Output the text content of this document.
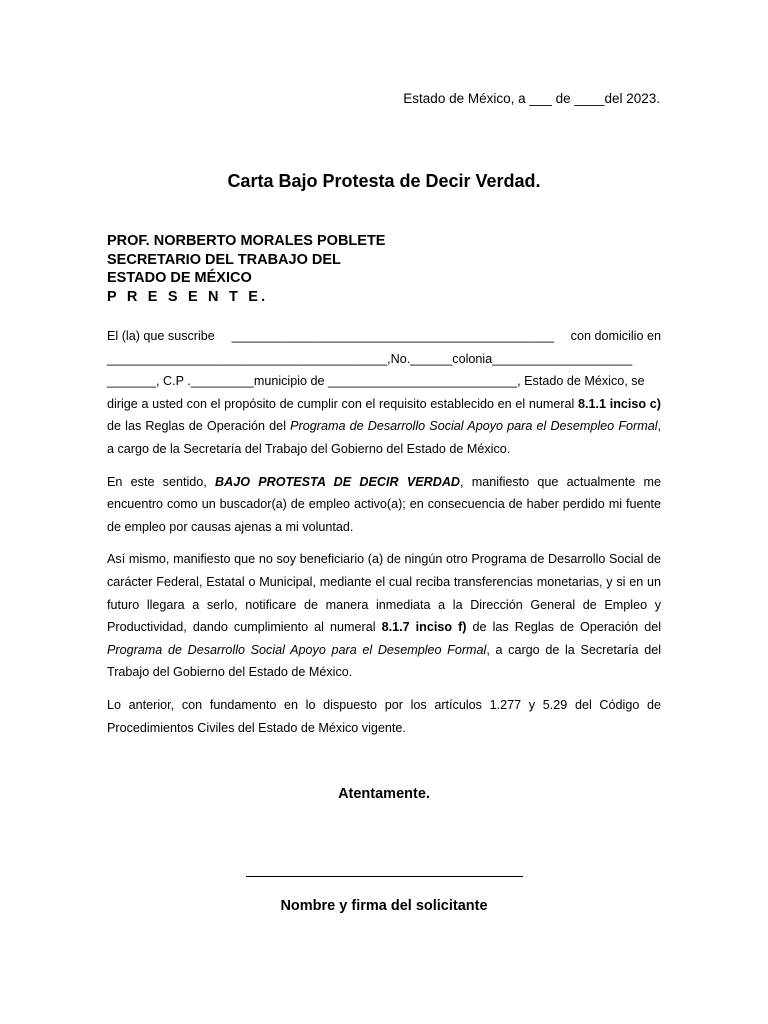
Estado de México, a ___ de ____del 2023.
Carta Bajo Protesta de Decir Verdad.
PROF. NORBERTO MORALES POBLETE
SECRETARIO DEL TRABAJO DEL
ESTADO DE MÉXICO
P R E S E N T E.

El (la) que suscribe ______________________________________________ con domicilio en
________________________________________,No.______colonia____________________
_______, C.P ._________municipio de ___________________________, Estado de México, se
dirige a usted con el propósito de cumplir con el requisito establecido en el numeral 8.1.1 inciso c) de las Reglas de Operación del Programa de Desarrollo Social Apoyo para el Desempleo Formal, a cargo de la Secretaría del Trabajo del Gobierno del Estado de México.

En este sentido, BAJO PROTESTA DE DECIR VERDAD, manifiesto que actualmente me encuentro como un buscador(a) de empleo activo(a); en consecuencia de haber perdido mi fuente de empleo por causas ajenas a mi voluntad.

Así mismo, manifiesto que no soy beneficiario (a) de ningún otro Programa de Desarrollo Social de carácter Federal, Estatal o Municipal, mediante el cual reciba transferencias monetarias, y si en un futuro llegara a serlo, notificare de manera inmediata a la Dirección General de Empleo y Productividad, dando cumplimiento al numeral 8.1.7 inciso f) de las Reglas de Operación del Programa de Desarrollo Social Apoyo para el Desempleo Formal, a cargo de la Secretaría del Trabajo del Gobierno del Estado de México.

Lo anterior, con fundamento en lo dispuesto por los artículos 1.277 y 5.29 del Código de Procedimientos Civiles del Estado de México vigente.

Atentamente.
Nombre y firma del solicitante
